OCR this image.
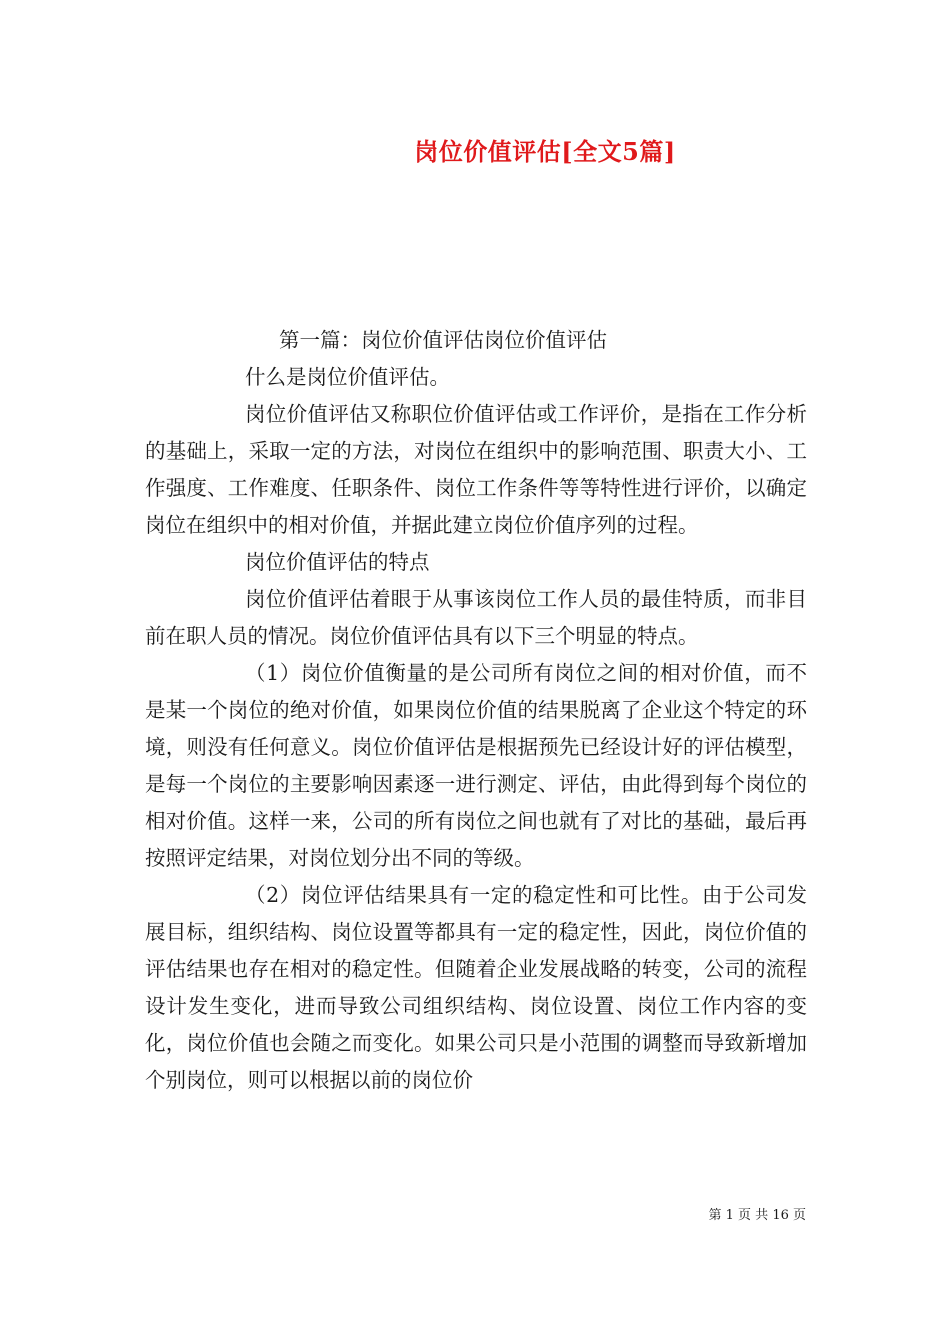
岗位价值评估[全文5篇]

第一篇：岗位价值评估岗位价值评估

什么是岗位价值评估。

岗位价值评估又称职位价值评估或工作评价，是指在工作分析的基础上，采取一定的方法，对岗位在组织中的影响范围、职责大小、工作强度、工作难度、任职条件、岗位工作条件等等特性进行评价，以确定岗位在组织中的相对价值，并据此建立岗位价值序列的过程。

岗位价值评估的特点

岗位价值评估着眼于从事该岗位工作人员的最佳特质，而非目前在职人员的情况。岗位价值评估具有以下三个明显的特点。

（1）岗位价值衡量的是公司所有岗位之间的相对价值，而不是某一个岗位的绝对价值，如果岗位价值的结果脱离了企业这个特定的环境，则没有任何意义。岗位价值评估是根据预先已经设计好的评估模型，是每一个岗位的主要影响因素逐一进行测定、评估，由此得到每个岗位的相对价值。这样一来，公司的所有岗位之间也就有了对比的基础，最后再按照评定结果，对岗位划分出不同的等级。

（2）岗位评估结果具有一定的稳定性和可比性。由于公司发展目标，组织结构、岗位设置等都具有一定的稳定性，因此，岗位价值的评估结果也存在相对的稳定性。但随着企业发展战略的转变，公司的流程设计发生变化，进而导致公司组织结构、岗位设置、岗位工作内容的变化，岗位价值也会随之而变化。如果公司只是小范围的调整而导致新增加个别岗位，则可以根据以前的岗位价

第 1 页 共 16 页
